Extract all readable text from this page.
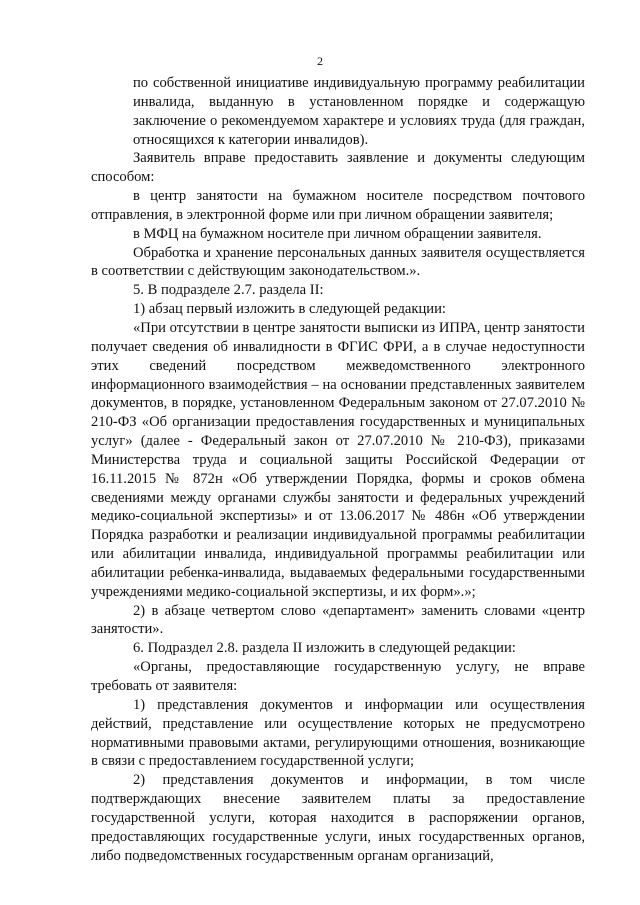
2

по собственной инициативе индивидуальную программу реабилитации инвалида, выданную в установленном порядке и содержащую заключение о рекомендуемом характере и условиях труда (для граждан, относящихся к категории инвалидов).

Заявитель вправе предоставить заявление и документы следующим способом:

в центр занятости на бумажном носителе посредством почтового отправления, в электронной форме или при личном обращении заявителя;

в МФЦ на бумажном носителе при личном обращении заявителя.

Обработка и хранение персональных данных заявителя осуществляется в соответствии с действующим законодательством.».

5. В подразделе 2.7. раздела II:

1) абзац первый изложить в следующей редакции:

«При отсутствии в центре занятости выписки из ИПРА, центр занятости получает сведения об инвалидности в ФГИС ФРИ, а в случае недоступности этих сведений посредством межведомственного электронного информационного взаимодействия – на основании представленных заявителем документов, в порядке, установленном Федеральным законом от 27.07.2010 № 210-ФЗ «Об организации предоставления государственных и муниципальных услуг» (далее - Федеральный закон от 27.07.2010 № 210-ФЗ), приказами Министерства труда и социальной защиты Российской Федерации от 16.11.2015 № 872н «Об утверждении Порядка, формы и сроков обмена сведениями между органами службы занятости и федеральных учреждений медико-социальной экспертизы» и от 13.06.2017 № 486н «Об утверждении Порядка разработки и реализации индивидуальной программы реабилитации или абилитации инвалида, индивидуальной программы реабилитации или абилитации ребенка-инвалида, выдаваемых федеральными государственными учреждениями медико-социальной экспертизы, и их форм».»;

2) в абзаце четвертом слово «департамент» заменить словами «центр занятости».

6. Подраздел 2.8. раздела II изложить в следующей редакции:

«Органы, предоставляющие государственную услугу, не вправе требовать от заявителя:

1) представления документов и информации или осуществления действий, представление или осуществление которых не предусмотрено нормативными правовыми актами, регулирующими отношения, возникающие в связи с предоставлением государственной услуги;

2) представления документов и информации, в том числе подтверждающих внесение заявителем платы за предоставление государственной услуги, которая находится в распоряжении органов, предоставляющих государственные услуги, иных государственных органов, либо подведомственных государственным органам организаций,
